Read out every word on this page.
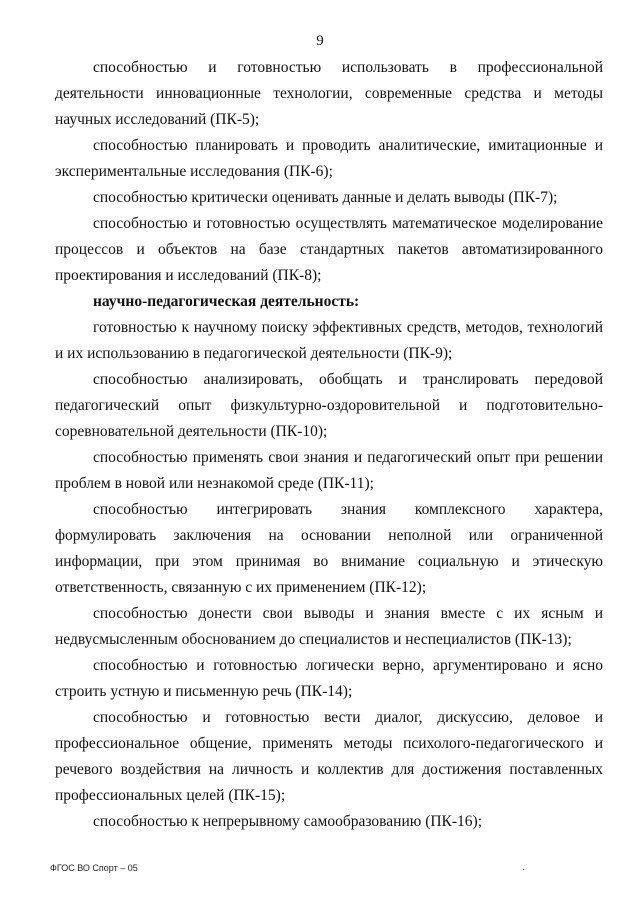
9

способностью и готовностью использовать в профессиональной деятельности инновационные технологии, современные средства и методы научных исследований (ПК-5);

способностью планировать и проводить аналитические, имитационные и экспериментальные исследования (ПК-6);

способностью критически оценивать данные и делать выводы (ПК-7);

способностью и готовностью осуществлять математическое моделирование процессов и объектов на базе стандартных пакетов автоматизированного проектирования и исследований (ПК-8);

научно-педагогическая деятельность:

готовностью к научному поиску эффективных средств, методов, технологий и их использованию в педагогической деятельности (ПК-9);

способностью анализировать, обобщать и транслировать передовой педагогический опыт физкультурно-оздоровительной и подготовительно-соревновательной деятельности (ПК-10);

способностью применять свои знания и педагогический опыт при решении проблем в новой или незнакомой среде (ПК-11);

способностью интегрировать знания комплексного характера, формулировать заключения на основании неполной или ограниченной информации, при этом принимая во внимание социальную и этическую ответственность, связанную с их применением (ПК-12);

способностью донести свои выводы и знания вместе с их ясным и недвусмысленным обоснованием до специалистов и неспециалистов (ПК-13);

способностью и готовностью логически верно, аргументировано и ясно строить устную и письменную речь (ПК-14);

способностью и готовностью вести диалог, дискуссию, деловое и профессиональное общение, применять методы психолого-педагогического и речевого воздействия на личность и коллектив для достижения поставленных профессиональных целей (ПК-15);

способностью к непрерывному самообразованию (ПК-16);

ФГОС ВО Спорт – 05	·
